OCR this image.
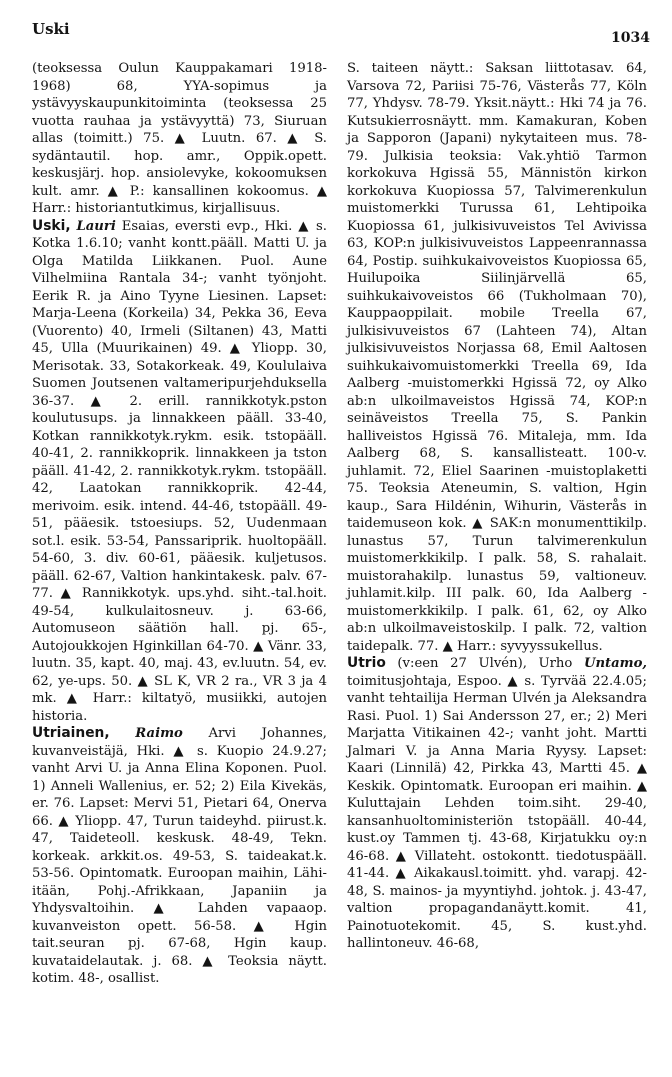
Uski	1034

(teoksessa Oulun Kauppakamari 1918-1968) 68, YYA-sopimus ja ystävyyskaupunkitoiminta (teoksessa 25 vuotta rauhaa ja ystävyyttä) 73, Siuruan allas (toimitt.) 75. ▲ Luutn. 67. ▲ S. sydäntautil. hop. amr., Oppik.opett. keskusjärj. hop. ansiolevyke, kokoomuksen kult. amr. ▲ P.: kansallinen kokoomus. ▲ Harr.: historiantutkimus, kirjallisuus.

Uski, Lauri Esaias, eversti evp., Hki. ▲ s. Kotka 1.6.10; vanht kontt.pääll. Matti U. ja Olga Matilda Liikkanen. Puol. Aune Vilhelmiina Rantala 34-; vanht työnjoht. Eerik R. ja Aino Tyyne Liesinen. Lapset: Marja-Leena (Korkeila) 34, Pekka 36, Eeva (Vuorento) 40, Irmeli (Siltanen) 43, Matti 45, Ulla (Muurikainen) 49. ▲ Yliopp. 30, Merisotak. 33, Sotakorkeak. 49, Koululaiva Suomen Joutsenen valtameripurjehduksella 36-37. ▲ 2. erill. rannikkotyk.pston koulutusups. ja linnakkeen pääll. 33-40, Kotkan rannikkotyk.rykm. esik. tstopääll. 40-41, 2. rannikkoprik. linnakkeen ja tston pääll. 41-42, 2. rannikkotyk.rykm. tstopääll. 42, Laatokan rannikkoprik. 42-44, merivoim. esik. intend. 44-46, tstopääll. 49-51, pääesik. tstoesiups. 52, Uudenmaan sot.l. esik. 53-54, Panssariprik. huoltopääll. 54-60, 3. div. 60-61, pääesik. kuljetusos. pääll. 62-67, Valtion hankintakesk. palv. 67-77. ▲ Rannikkotyk. ups.yhd. siht.-tal.hoit. 49-54, kulkulaitosneuv. j. 63-66, Automuseon säätiön hall. pj. 65-, Autojoukkojen Hginkillan 64-70. ▲ Vänr. 33, luutn. 35, kapt. 40, maj. 43, ev.luutn. 54, ev. 62, ye-ups. 50. ▲ SL K, VR 2 ra., VR 3 ja 4 mk. ▲ Harr.: kiltatyö, musiikki, autojen historia.

Utriainen, Raimo Arvi Johannes, kuvanveistäjä, Hki. ▲ s. Kuopio 24.9.27; vanht Arvi U. ja Anna Elina Koponen. Puol. 1) Anneli Wallenius, er. 52; 2) Eila Kivekäs, er. 76. Lapset: Mervi 51, Pietari 64, Onerva 66. ▲ Yliopp. 47, Turun taideyhd. piirust.k. 47, Taideteoll. keskusk. 48-49, Tekn. korkeak. arkkit.os. 49-53, S. taideakat.k. 53-56. Opintomatk. Euroopan maihin, Lähi-itään, Pohj.-Afrikkaan, Japaniin ja Yhdysvaltoihin. ▲ Lahden vapaaop. kuvanveiston opett. 56-58. ▲ Hgin tait.seuran pj. 67-68, Hgin kaup. kuvataidelautak. j. 68. ▲ Teoksia näytt. kotim. 48-, osallist.

S. taiteen näytt.: Saksan liittotasav. 64, Varsova 72, Pariisi 75-76, Västerås 77, Köln 77, Yhdysv. 78-79. Yksit.näytt.: Hki 74 ja 76. Kutsukierrosnäytt. mm. Kamakuran, Koben ja Sapporon (Japani) nykytaiteen mus. 78-79. Julkisia teoksia: Vak.yhtiö Tarmon korkokuva Hgissä 55, Männistön kirkon korkokuva Kuopiossa 57, Talvimerenkulun muistomerkki Turussa 61, Lehtipoika Kuopiossa 61, julkisivuveistos Tel Avivissa 63, KOP:n julkisivuveistos Lappeenrannassa 64, Postip. suihkukaivoveistos Kuopiossa 65, Huilupoika Siilinjärvellä 65, suihkukaivoveistos 66 (Tukholmaan 70), Kauppaoppilait. mobile Treella 67, julkisivuveistos 67 (Lahteen 74), Altan julkisivuveistos Norjassa 68, Emil Aaltosen suihkukaivomuistomerkki Treella 69, Ida Aalberg -muistomerkki Hgissä 72, oy Alko ab:n ulkoilmaveistos Hgissä 74, KOP:n seinäveistos Treella 75, S. Pankin halliveistos Hgissä 76. Mitaleja, mm. Ida Aalberg 68, S. kansallisteatt. 100-v. juhlamit. 72, Eliel Saarinen -muistoplaketti 75. Teoksia Ateneumin, S. valtion, Hgin kaup., Sara Hildénin, Wihurin, Västerås in taidemuseon kok. ▲ SAK:n monumenttikilp. lunastus 57, Turun talvimerenkulun muistomerkkikilp. I palk. 58, S. rahalait. muistorahakilp. lunastus 59, valtioneuv. juhlamit.kilp. III palk. 60, Ida Aalberg -muistomerkkikilp. I palk. 61, 62, oy Alko ab:n ulkoilmaveistoskilp. I palk. 72, valtion taidepalk. 77. ▲ Harr.: syvyyssukellus.

Utrio (v:een 27 Ulvén), Urho Untamo, toimitusjohtaja, Espoo. ▲ s. Tyrvää 22.4.05; vanht tehtailija Herman Ulvén ja Aleksandra Rasi. Puol. 1) Sai Andersson 27, er.; 2) Meri Marjatta Vitikainen 42-; vanht joht. Martti Jalmari V. ja Anna Maria Ryysy. Lapset: Kaari (Linnilä) 42, Pirkka 43, Martti 45. ▲ Keskik. Opintomatk. Euroopan eri maihin. ▲ Kuluttajain Lehden toim.siht. 29-40, kansanhuoltoministeriön tstopääll. 40-44, kust.oy Tammen tj. 43-68, Kirjatukku oy:n 46-68. ▲ Villateht. ostokontt. tiedotuspääll. 41-44. ▲ Aikakausl.toimitt. yhd. varapj. 42-48, S. mainos- ja myyntiyhd. johtok. j. 43-47, valtion propagandanäytt.komit. 41, Painotuotekomit. 45, S. kust.yhd. hallintoneuv. 46-68,
